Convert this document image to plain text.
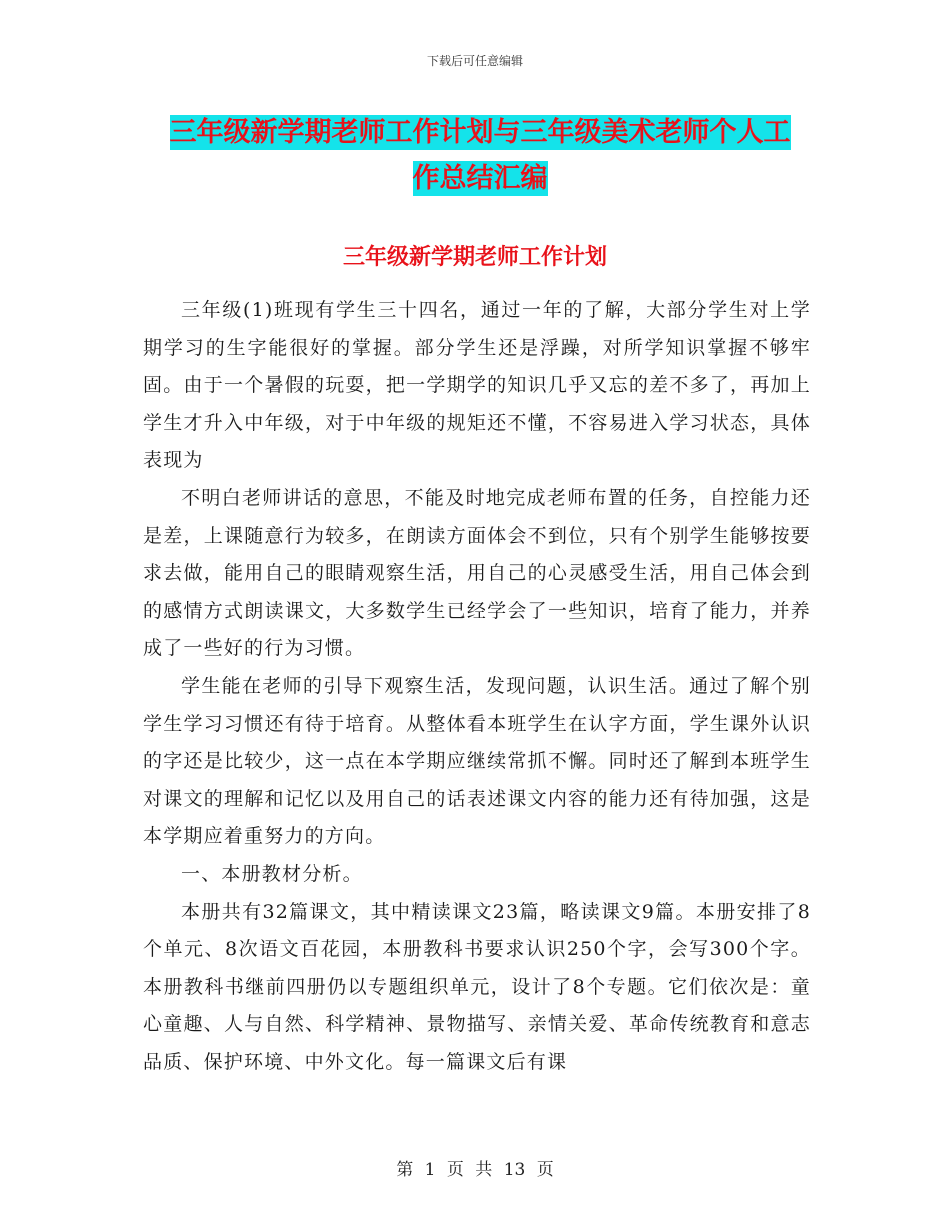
下载后可任意编辑
三年级新学期老师工作计划与三年级美术老师个人工
作总结汇编
三年级新学期老师工作计划

三年级(1)班现有学生三十四名，通过一年的了解，大部分学生对上学期学习的生字能很好的掌握。部分学生还是浮躁，对所学知识掌握不够牢固。由于一个暑假的玩耍，把一学期学的知识几乎又忘的差不多了，再加上学生才升入中年级，对于中年级的规矩还不懂，不容易进入学习状态，具体表现为

不明白老师讲话的意思，不能及时地完成老师布置的任务，自控能力还是差，上课随意行为较多，在朗读方面体会不到位，只有个别学生能够按要求去做，能用自己的眼睛观察生活，用自己的心灵感受生活，用自己体会到的感情方式朗读课文，大多数学生已经学会了一些知识，培育了能力，并养成了一些好的行为习惯。

学生能在老师的引导下观察生活，发现问题，认识生活。通过了解个别学生学习习惯还有待于培育。从整体看本班学生在认字方面，学生课外认识的字还是比较少，这一点在本学期应继续常抓不懈。同时还了解到本班学生对课文的理解和记忆以及用自己的话表述课文内容的能力还有待加强，这是本学期应着重努力的方向。

一、本册教材分析。

本册共有32篇课文，其中精读课文23篇，略读课文9篇。本册安排了8个单元、8次语文百花园，本册教科书要求认识250个字，会写300个字。本册教科书继前四册仍以专题组织单元，设计了8个专题。它们依次是：童心童趣、人与自然、科学精神、景物描写、亲情关爱、革命传统教育和意志品质、保护环境、中外文化。每一篇课文后有课

第 1 页 共 13 页
